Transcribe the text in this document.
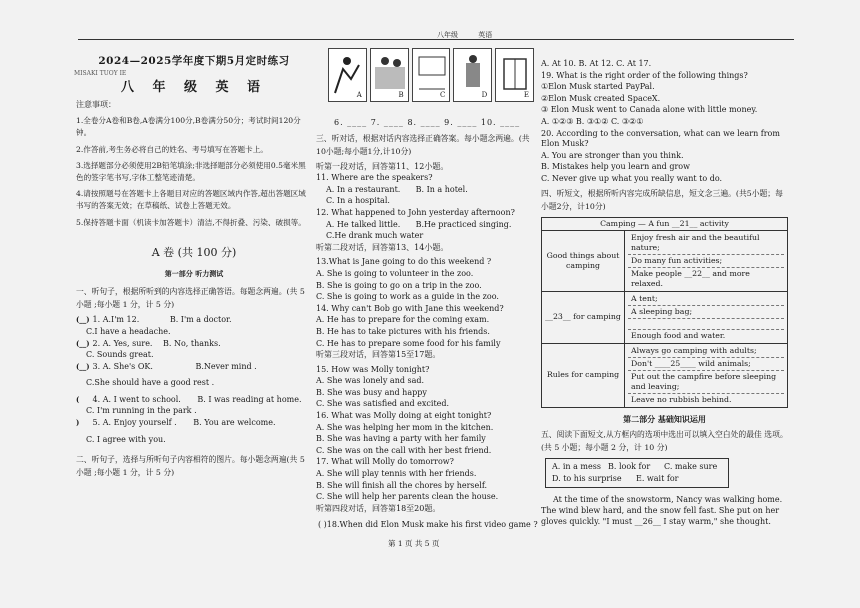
八年级	英语
2024—2025学年度下期5月定时练习
MISAKI TUOY IE
八 年 级 英 语
注意事项：
1.全卷分A卷和B卷,A卷满分100分,B卷满分50分；考试时间120分钟。
2.作答前,考生务必将自己的姓名、考号填写在答题卡上。
3.选择题部分必须使用2B铅笔填涂;非选择题部分必须使用0.5毫米黑色的签字笔书写,字体工整笔迹清楚。
4.请按照题号在答题卡上各题目对应的答题区域内作答,超出答题区域书写的答案无效；在草稿纸、试卷上答题无效。
5.保持答题卡面（机读卡加答题卡）清洁,不得折叠、污染、破损等。
A 卷 (共 100 分)
第一部分 听力测试
一、听句子，根据所听到的内容选择正确答语。每题念两遍。(共 5 小题 ;每小题 1 分，计 5 分)
(__) 1. A.I'm 12.	B. I'm a doctor.
C.I have a headache.
(__) 2. A. Yes, sure. B. No, thanks.
C. Sounds great.
(__) 3. A. She's OK.	B.Never mind .
C.She should have a good rest .
( 4. A. I went to school. B. I was reading at home.
C. I'm running in the park .
) 5. A. Enjoy yourself . B. You are welcome.
C. I agree with you.
二、听句子，选择与所听句子内容相符的图片。每小题念两遍(共 5 小题 ;每小题 1 分，计 5 分)
A	B	C	D	E
6. ____ 7. ____ 8. ____ 9. ____ 10. ____
三、听对话，根据对话内容选择正确答案。每小题念两遍。(共10小题;每小题1分,计10分)
听第一段对话，回答第11、12小题。
11. Where are the speakers?
A. In a restaurant. B. In a hotel.
C. In a hospital.
12. What happened to John yesterday afternoon?
A. He talked little. B.He practiced singing.
C.He drank much water
听第二段对话，回答第13、14小题。
13.What is Jane going to do this weekend ?
A. She is going to volunteer in the zoo.
B. She is going to go on a trip in the zoo.
C. She is going to work as a guide in the zoo.
14. Why can't Bob go with Jane this weekend?
A. He has to prepare for the coming exam.
B. He has to take pictures with his friends.
C. He has to prepare some food for his family
听第三段对话，回答第15至17题。
15. How was Molly tonight?
A. She was lonely and sad.
B. She was busy and happy
C. She was satisfied and excited.
16. What was Molly doing at eight tonight?
A. She was helping her mom in the kitchen.
B. She was having a party with her family
C. She was on the call with her best friend.
17. What will Molly do tomorrow?
A. She will play tennis with her friends.
B. She will finish all the chores by herself.
C. She will help her parents clean the house.
听第四段对话，回答第18至20题。
( )18.When did Elon Musk make his first video game ?
第 1 页 共 5 页
A. At 10. B. At 12. C. At 17.
19. What is the right order of the following things?
①Elon Musk started PayPal.
②Elon Musk created SpaceX.
③ Elon Musk went to Canada alone with little money.
A. ①②③ B. ③①② C. ③②①
20. According to the conversation, what can we learn from Elon Musk?
A. You are stronger than you think.
B. Mistakes help you learn and grow
C. Never give up what you really want to do.
四、听短文，根据所听内容完成所缺信息，短文念三遍。(共5小题；每小题2分，计10分)
Camping — A fun __21__ activity	
Good things about camping	Enjoy fresh air and the beautiful nature;
Do many fun activities;
Make people __22__ and more relaxed.

__23__ for camping	A tent;
A sleeping bag;
Enough food and water.

Rules for camping	Always go camping with adults;
Don't ____25____ wild animals;
Put out the campfire before sleeping and leaving;
Leave no rubbish behind.
第二部分 基础知识运用
五、阅读下面短文,从方框内的选项中选出可以填入空白处的最佳 选项。(共 5 小题；每小题 2 分，计 10 分)
A. in a mess B. look for C. make sure
D. to his surprise E. wait for
At the time of the snowstorm, Nancy was walking home. The wind blew hard, and the snow fell fast. She put on her gloves quickly. "I must __26__ I stay warm," she thought.
